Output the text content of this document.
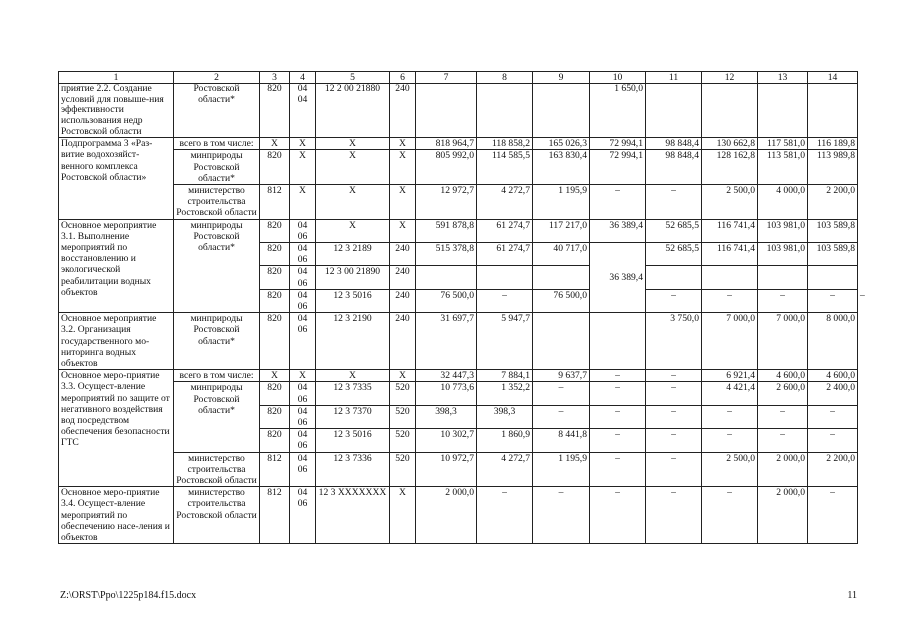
1	2	3	4	5	6	7	8	9	10	11	12	13	14	
приятие 2.2. Создание условий для повыше-ния эффективности использования недр Ростовской области	Ростовской области*	820	04 04	12 2 00 21880	240				1 650,0					
Подпрограмма 3 «Раз-витие водохозяйст-венного комплекса Ростовской области»	всего в том числе:	X	X	X	X	818 964,7	118 858,2	165 026,3	72 994,1	98 848,4	130 662,8	117 581,0	116 189,8	
	минприроды Ростовской области*	820	X	X	X	805 992,0	114 585,5	163 830,4	72 994,1	98 848,4	128 162,8	113 581,0	113 989,8	
	министерство строительства Ростовской области	812	X	X	X	12 972,7	4 272,7	1 195,9	–	–	2 500,0	4 000,0	2 200,0	
Основное мероприятие 3.1. Выполнение мероприятий по восстановлению и экологической реабилитации водных объектов	минприроды Ростовской области*	820	04 06	X	X	591 878,8	61 274,7	117 217,0	36 389,4	52 685,5	116 741,4	103 981,0	103 589,8	
		820	04 06	12 3 2189	240	515 378,8	61 274,7	40 717,0	36 389,4	52 685,5	116 741,4	103 981,0	103 589,8	
		820	04 06	12 3 00 21890	240									
		820	04 06	12 3 5016	240	76 500,0	–	76 500,0		–	–	–	–	–
Основное мероприятие 3.2. Организация государственного мо-ниторинга водных объектов	минприроды Ростовской области*	820	04 06	12 3 2190	240	31 697,7	5 947,7			3 750,0	7 000,0	7 000,0	8 000,0	
Основное меро-приятие 3.3. Осущест-вление мероприятий по защите от негативного воздействия вод посредством обеспечения безопасности ГТС	всего в том числе:	X	X	X	X	32 447,3	7 884,1	9 637,7	–	–	6 921,4	4 600,0	4 600,0	
	минприроды Ростовской области*	820	04 06	12 3 7335	520	10 773,6	1 352,2	–	–	–	4 421,4	2 600,0	2 400,0	
		820	04 06	12 3 7370	520	398,3	398,3	–	–	–	–	–	–	
		820	04 06	12 3 5016	520	10 302,7	1 860,9	8 441,8	–	–	–	–	–	
	министерство строительства Ростовской области	812	04 06	12 3 7336	520	10 972,7	4 272,7	1 195,9	–	–	2 500,0	2 000,0	2 200,0	
Основное меро-приятие 3.4. Осущест-вление мероприятий по обеспечению насе-ления и объектов	министерство строительства Ростовской области	812	04 06	12 3 XXXXXXX	X	2 000,0	–	–	–	–	–	2 000,0	–	
Z:\ORST\Ppo\1225p184.f15.docx	11
